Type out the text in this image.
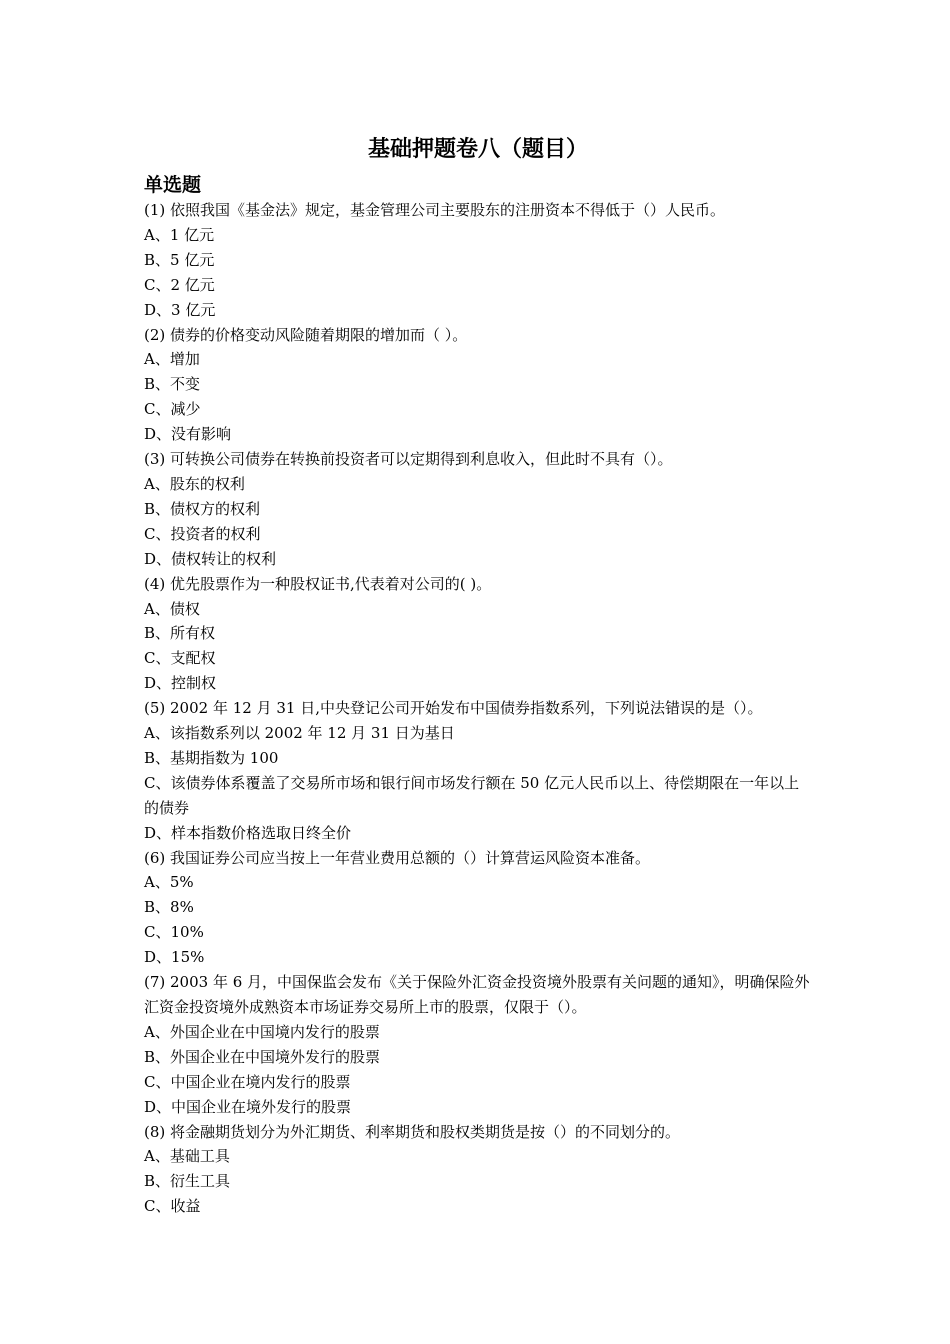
基础押题卷八（题目）
单选题

(1) 依照我国《基金法》规定，基金管理公司主要股东的注册资本不得低于（）人民币。

A、1 亿元

B、5 亿元

C、2 亿元

D、3 亿元

(2) 债券的价格变动风险随着期限的增加而（ ）。

A、增加

B、不变

C、减少

D、没有影响

(3) 可转换公司债券在转换前投资者可以定期得到利息收入，但此时不具有（）。

A、股东的权利

B、债权方的权利

C、投资者的权利

D、债权转让的权利

(4) 优先股票作为一种股权证书,代表着对公司的( )。

A、债权

B、所有权

C、支配权

D、控制权

(5) 2002 年 12 月 31 日,中央登记公司开始发布中国债券指数系列，下列说法错误的是（）。

A、该指数系列以 2002 年 12 月 31 日为基日

B、基期指数为 100

C、该债券体系覆盖了交易所市场和银行间市场发行额在 50 亿元人民币以上、待偿期限在一年以上的债券

D、样本指数价格选取日终全价

(6) 我国证券公司应当按上一年营业费用总额的（）计算营运风险资本准备。

A、5%

B、8%

C、10%

D、15%

(7) 2003 年 6 月，中国保监会发布《关于保险外汇资金投资境外股票有关问题的通知》，明确保险外汇资金投资境外成熟资本市场证券交易所上市的股票，仅限于（）。

A、外国企业在中国境内发行的股票

B、外国企业在中国境外发行的股票

C、中国企业在境内发行的股票

D、中国企业在境外发行的股票

(8) 将金融期货划分为外汇期货、利率期货和股权类期货是按（）的不同划分的。

A、基础工具

B、衍生工具

C、收益
